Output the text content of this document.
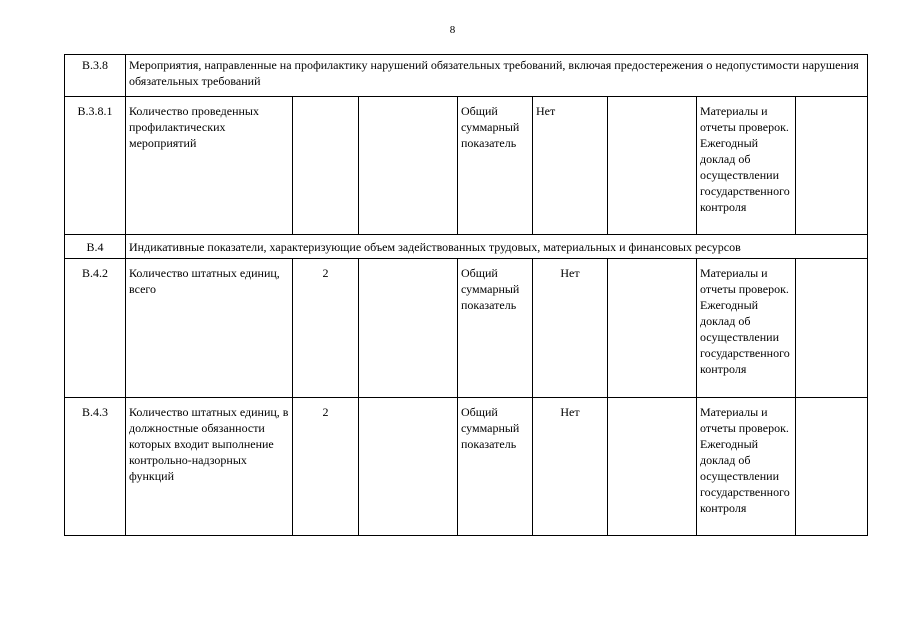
8
В.3.8	Мероприятия, направленные на профилактику нарушений обязательных требований, включая предостережения о недопустимости нарушения обязательных требований							
В.3.8.1	Количество проведенных профилактических мероприятий			Общий суммарный показатель	Нет		Материалы и отчеты проверок. Ежегодный доклад об осуществлении государственного контроля	
В.4	Индикативные показатели, характеризующие объем задействованных трудовых, материальных и финансовых ресурсов							
В.4.2	Количество штатных единиц, всего	2		Общий суммарный показатель	Нет		Материалы и отчеты проверок. Ежегодный доклад об осуществлении государственного контроля	
В.4.3	Количество штатных единиц, в должностные обязанности которых входит выполнение контрольно-надзорных функций	2		Общий суммарный показатель	Нет		Материалы и отчеты проверок. Ежегодный доклад об осуществлении государственного контроля	
